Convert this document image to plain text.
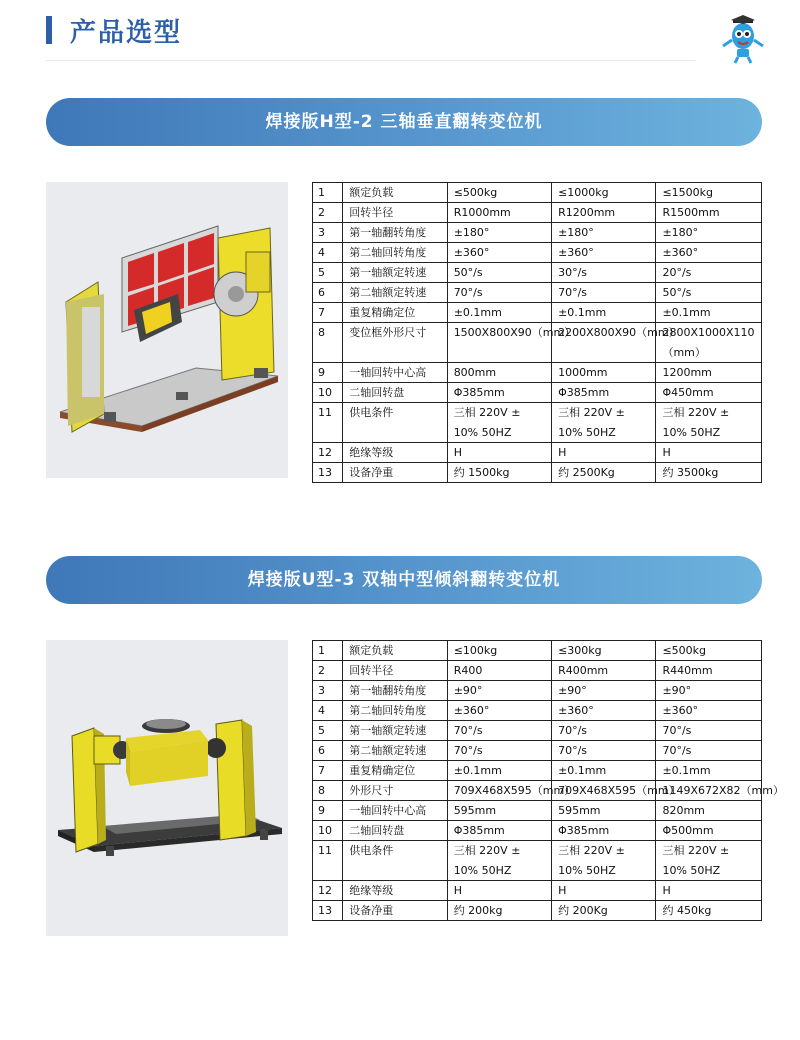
产品选型
焊接版H型-2 三轴垂直翻转变位机
1	额定负载	≤500kg	≤1000kg	≤1500kg
2	回转半径	R1000mm	R1200mm	R1500mm
3	第一轴翻转角度	±180°	±180°	±180°
4	第二轴回转角度	±360°	±360°	±360°
5	第一轴额定转速	50°/s	30°/s	20°/s
6	第二轴额定转速	70°/s	70°/s	50°/s
7	重复精确定位	±0.1mm	±0.1mm	±0.1mm
8	变位框外形尺寸	1500X800X90（mm）	2200X800X90（mm）	2800X1000X110（mm）
9	一轴回转中心高	800mm	1000mm	1200mm
10	二轴回转盘	Φ385mm	Φ385mm	Φ450mm
11	供电条件	三相 220V ± 10% 50HZ	三相 220V ± 10% 50HZ	三相 220V ± 10% 50HZ
12	绝缘等级	H	H	H
13	设备净重	约 1500kg	约 2500Kg	约 3500kg
焊接版U型-3 双轴中型倾斜翻转变位机
1	额定负载	≤100kg	≤300kg	≤500kg
2	回转半径	R400	R400mm	R440mm
3	第一轴翻转角度	±90°	±90°	±90°
4	第二轴回转角度	±360°	±360°	±360°
5	第一轴额定转速	70°/s	70°/s	70°/s
6	第二轴额定转速	70°/s	70°/s	70°/s
7	重复精确定位	±0.1mm	±0.1mm	±0.1mm
8	外形尺寸	709X468X595（mm）	709X468X595（mm）	1149X672X82（mm）
9	一轴回转中心高	595mm	595mm	820mm
10	二轴回转盘	Φ385mm	Φ385mm	Φ500mm
11	供电条件	三相 220V ± 10% 50HZ	三相 220V ± 10% 50HZ	三相 220V ± 10% 50HZ
12	绝缘等级	H	H	H
13	设备净重	约 200kg	约 200Kg	约 450kg
